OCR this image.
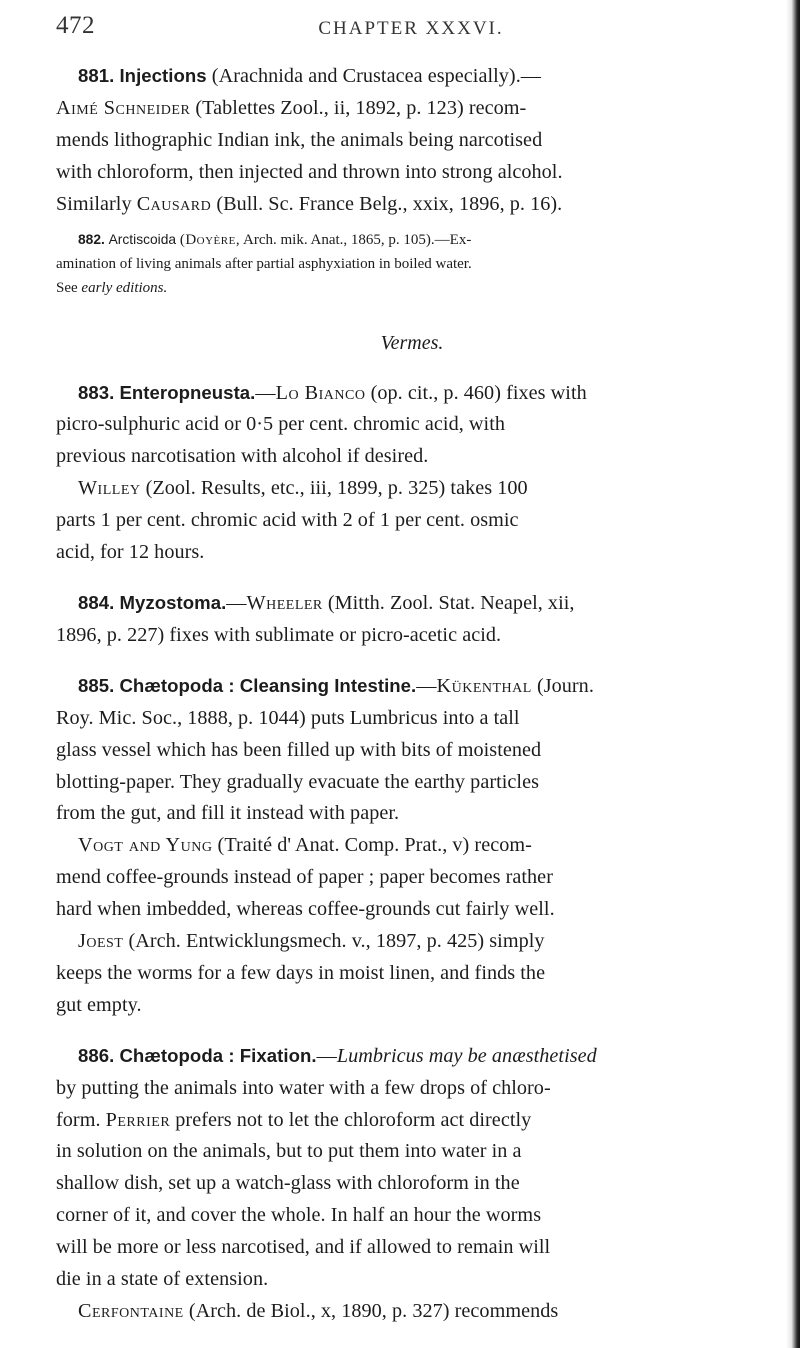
472	CHAPTER XXXVI.
881. Injections (Arachnida and Crustacea especially).—
Aimé Schneider (Tablettes Zool., ii, 1892, p. 123) recom-
mends lithographic Indian ink, the animals being narcotised
with chloroform, then injected and thrown into strong alcohol.
Similarly Causard (Bull. Sc. France Belg., xxix, 1896, p. 16).
882. Arctiscoida (Doyère, Arch. mik. Anat., 1865, p. 105).—Ex-
amination of living animals after partial asphyxiation in boiled water.
See early editions.
Vermes.
883. Enteropneusta.—Lo Bianco (op. cit., p. 460) fixes with
picro-sulphuric acid or 0·5 per cent. chromic acid, with
previous narcotisation with alcohol if desired.
Willey (Zool. Results, etc., iii, 1899, p. 325) takes 100
parts 1 per cent. chromic acid with 2 of 1 per cent. osmic
acid, for 12 hours.
884. Myzostoma.—Wheeler (Mitth. Zool. Stat. Neapel, xii,
1896, p. 227) fixes with sublimate or picro-acetic acid.
885. Chætopoda : Cleansing Intestine.—Kükenthal (Journ.
Roy. Mic. Soc., 1888, p. 1044) puts Lumbricus into a tall
glass vessel which has been filled up with bits of moistened
blotting-paper. They gradually evacuate the earthy particles
from the gut, and fill it instead with paper.
Vogt and Yung (Traité d' Anat. Comp. Prat., v) recom-
mend coffee-grounds instead of paper ; paper becomes rather
hard when imbedded, whereas coffee-grounds cut fairly well.
Joest (Arch. Entwicklungsmech. v., 1897, p. 425) simply
keeps the worms for a few days in moist linen, and finds the
gut empty.
886. Chætopoda : Fixation.—Lumbricus may be anæsthetised
by putting the animals into water with a few drops of chloro-
form. Perrier prefers not to let the chloroform act directly
in solution on the animals, but to put them into water in a
shallow dish, set up a watch-glass with chloroform in the
corner of it, and cover the whole. In half an hour the worms
will be more or less narcotised, and if allowed to remain will
die in a state of extension.
Cerfontaine (Arch. de Biol., x, 1890, p. 327) recommends
